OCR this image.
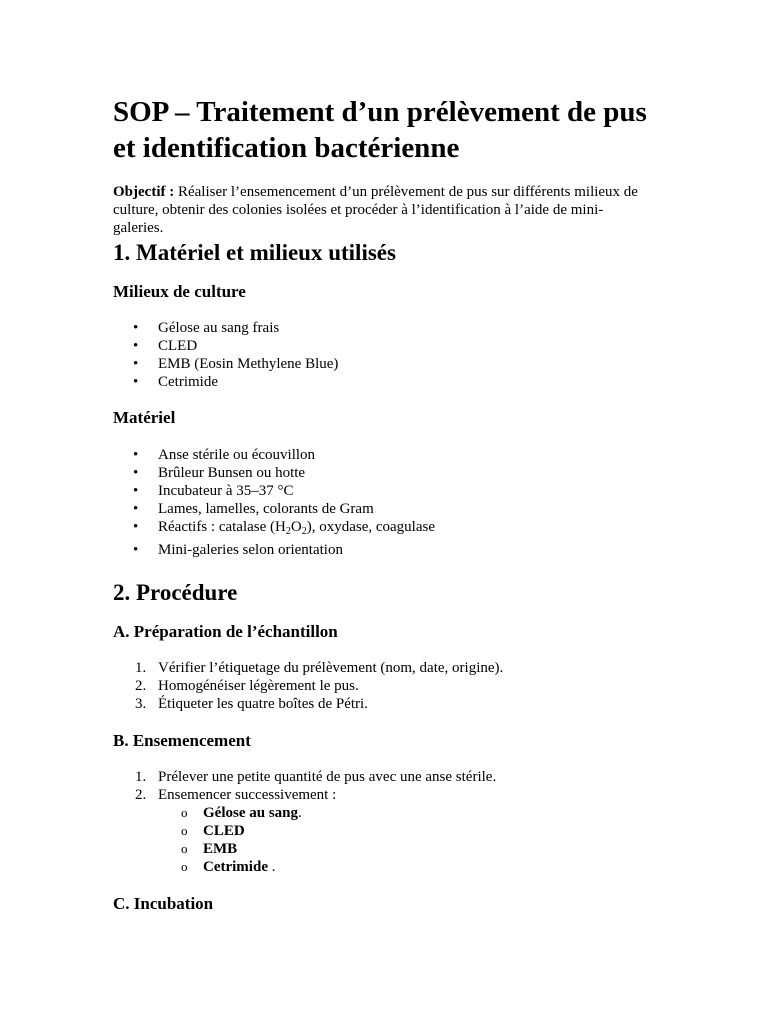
SOP – Traitement d’un prélèvement de pus et identification bactérienne

Objectif : Réaliser l’ensemencement d’un prélèvement de pus sur différents milieux de culture, obtenir des colonies isolées et procéder à l’identification à l’aide de mini-galeries.

1. Matériel et milieux utilisés
Milieux de culture
• Gélose au sang frais
• CLED
• EMB (Eosin Methylene Blue)
• Cetrimide
Matériel
• Anse stérile ou écouvillon
• Brûleur Bunsen ou hotte
• Incubateur à 35–37 °C
• Lames, lamelles, colorants de Gram
• Réactifs : catalase $(H_2O_2)$, oxydase, coagulase
• Mini-galeries selon orientation
2. Procédure
A. Préparation de l’échantillon
1. Vérifier l’étiquetage du prélèvement (nom, date, origine).
2. Homogénéiser légèrement le pus.
3. Étiqueter les quatre boîtes de Pétri.
B. Ensemencement
1. Prélever une petite quantité de pus avec une anse stérile.
2. Ensemencer successivement :
o Gélose au sang.
o CLED
o EMB
o Cetrimide .
C. Incubation
